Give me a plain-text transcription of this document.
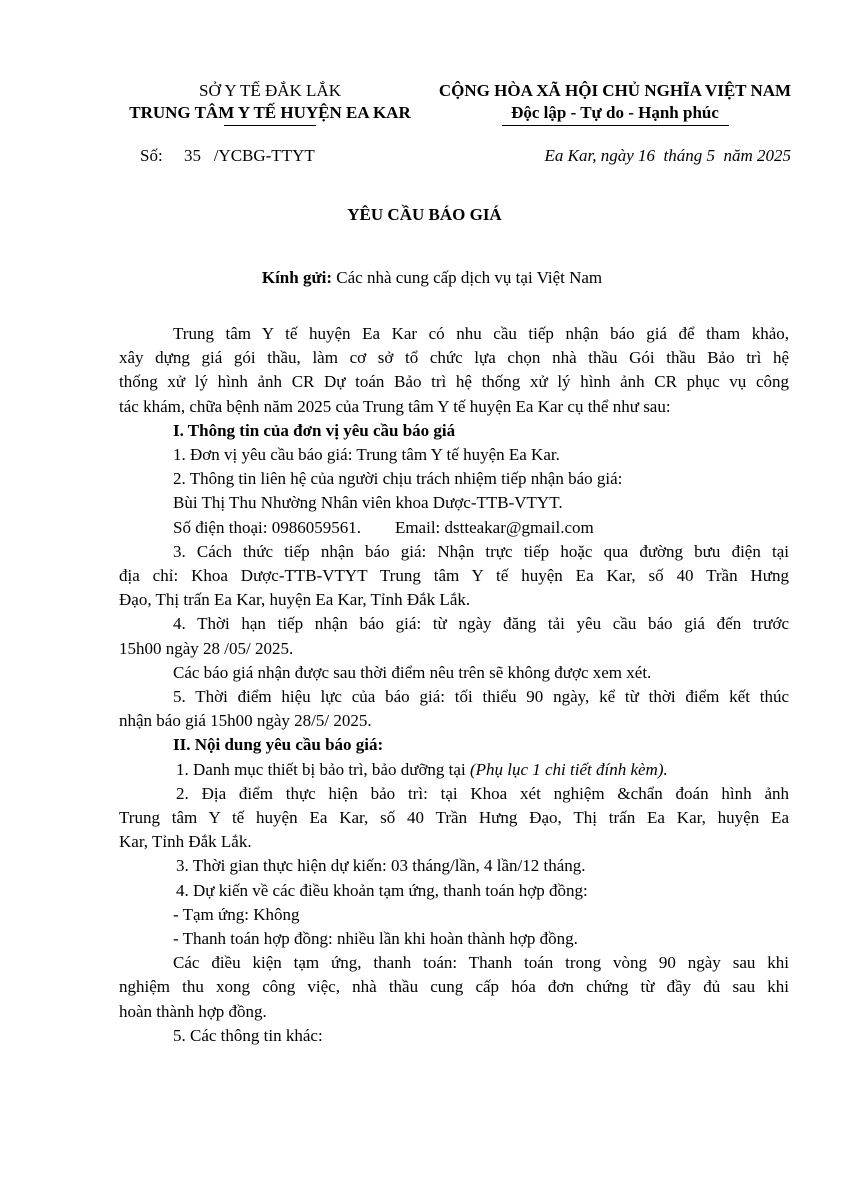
SỞ Y TẾ ĐẮK LẮK
TRUNG TÂM Y TẾ HUYỆN EA KAR
CỘNG HÒA XÃ HỘI CHỦ NGHĨA VIỆT NAM
Độc lập - Tự do - Hạnh phúc
Số: 35 /YCBG-TTYT	Ea Kar, ngày 16  tháng 5  năm 2025
YÊU CẦU BÁO GIÁ
Kính gửi: Các nhà cung cấp dịch vụ tại Việt Nam

Trung tâm Y tế huyện Ea Kar có nhu cầu tiếp nhận báo giá để tham khảo,

xây dựng giá gói thầu, làm cơ sở tổ chức lựa chọn nhà thầu Gói thầu Bảo trì hệ

thống xử lý hình ảnh CR Dự toán Bảo trì hệ thống xử lý hình ảnh CR phục vụ công

tác khám, chữa bệnh năm 2025 của Trung tâm Y tế huyện Ea Kar cụ thể như sau:

I. Thông tin của đơn vị yêu cầu báo giá

1. Đơn vị yêu cầu báo giá: Trung tâm Y tế huyện Ea Kar.

2. Thông tin liên hệ của người chịu trách nhiệm tiếp nhận báo giá:

Bùi Thị Thu Nhường Nhân viên khoa Dược-TTB-VTYT.

Số điện thoại: 0986059561. Email: dstteakar@gmail.com

3. Cách thức tiếp nhận báo giá: Nhận trực tiếp hoặc qua đường bưu điện tại

địa chỉ: Khoa Dược-TTB-VTYT Trung tâm Y tế huyện Ea Kar, số 40 Trần Hưng

Đạo, Thị trấn Ea Kar, huyện Ea Kar, Tỉnh Đắk Lắk.

4. Thời hạn tiếp nhận báo giá: từ ngày đăng tải yêu cầu báo giá đến trước

15h00 ngày 28 /05/ 2025.

Các báo giá nhận được sau thời điểm nêu trên sẽ không được xem xét.

5. Thời điểm hiệu lực của báo giá: tối thiểu 90 ngày, kể từ thời điểm kết thúc

nhận báo giá 15h00 ngày 28/5/ 2025.

II. Nội dung yêu cầu báo giá:

1. Danh mục thiết bị bảo trì, bảo dưỡng tại (Phụ lục 1 chi tiết đính kèm).

2. Địa điểm thực hiện bảo trì: tại Khoa xét nghiệm &chẩn đoán hình ảnh

Trung tâm Y tế huyện Ea Kar, số 40 Trần Hưng Đạo, Thị trấn Ea Kar, huyện Ea

Kar, Tỉnh Đắk Lắk.

3. Thời gian thực hiện dự kiến: 03 tháng/lần, 4 lần/12 tháng.

4. Dự kiến về các điều khoản tạm ứng, thanh toán hợp đồng:

- Tạm ứng: Không

- Thanh toán hợp đồng: nhiều lần khi hoàn thành hợp đồng.

Các điều kiện tạm ứng, thanh toán: Thanh toán trong vòng 90 ngày sau khi

nghiệm thu xong công việc, nhà thầu cung cấp hóa đơn chứng từ đầy đủ sau khi

hoàn thành hợp đồng.

5. Các thông tin khác:
